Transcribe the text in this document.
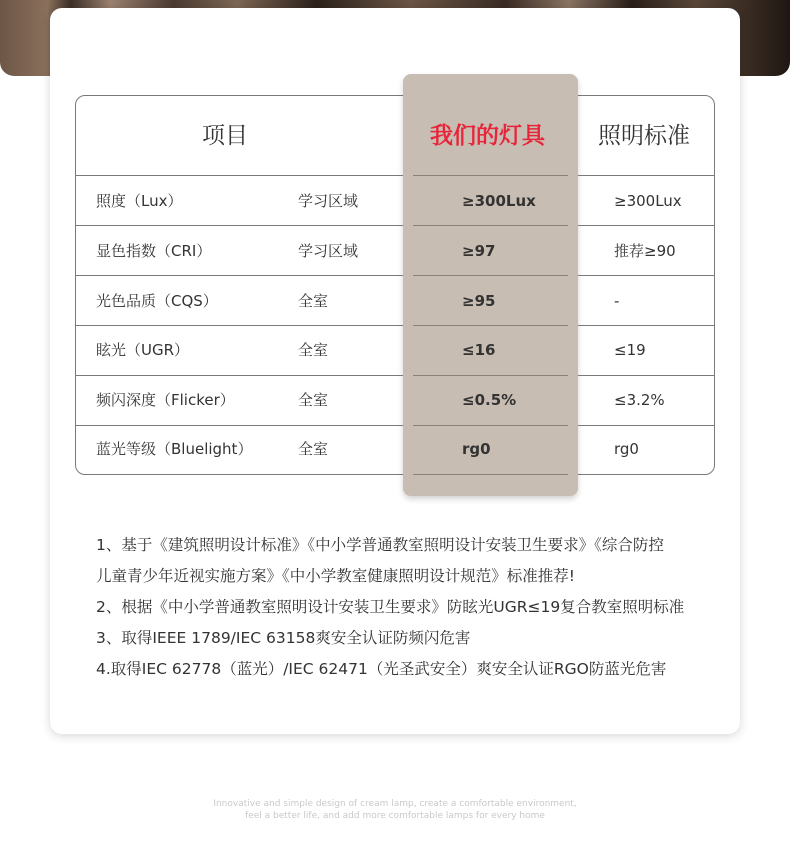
项目	我们的灯具 照明标准
照度（Lux）	学习区域	≥300Lux	≥300Lux
显色指数（CRI）	学习区域	≥97	推荐≥90
光色品质（CQS）	全室	≥95	-
眩光（UGR）	全室	≤16	≤19
频闪深度（Flicker）	全室	≤0.5%	≤3.2%
蓝光等级（Bluelight）	全室	rg0	rg0
1、基于《建筑照明设计标准》《中小学普通教室照明设计安装卫生要求》《综合防控
儿童青少年近视实施方案》《中小学教室健康照明设计规范》标准推荐!
2、根据《中小学普通教室照明设计安装卫生要求》防眩光UGR≤19复合教室照明标准
3、取得IEEE 1789/IEC 63158爽安全认证防频闪危害
4.取得IEC 62778（蓝光）/IEC 62471（光圣武安全）爽安全认证RGO防蓝光危害
Innovative and simple design of cream lamp, create a comfortable environment,
feel a better life, and add more comfortable lamps for every home
